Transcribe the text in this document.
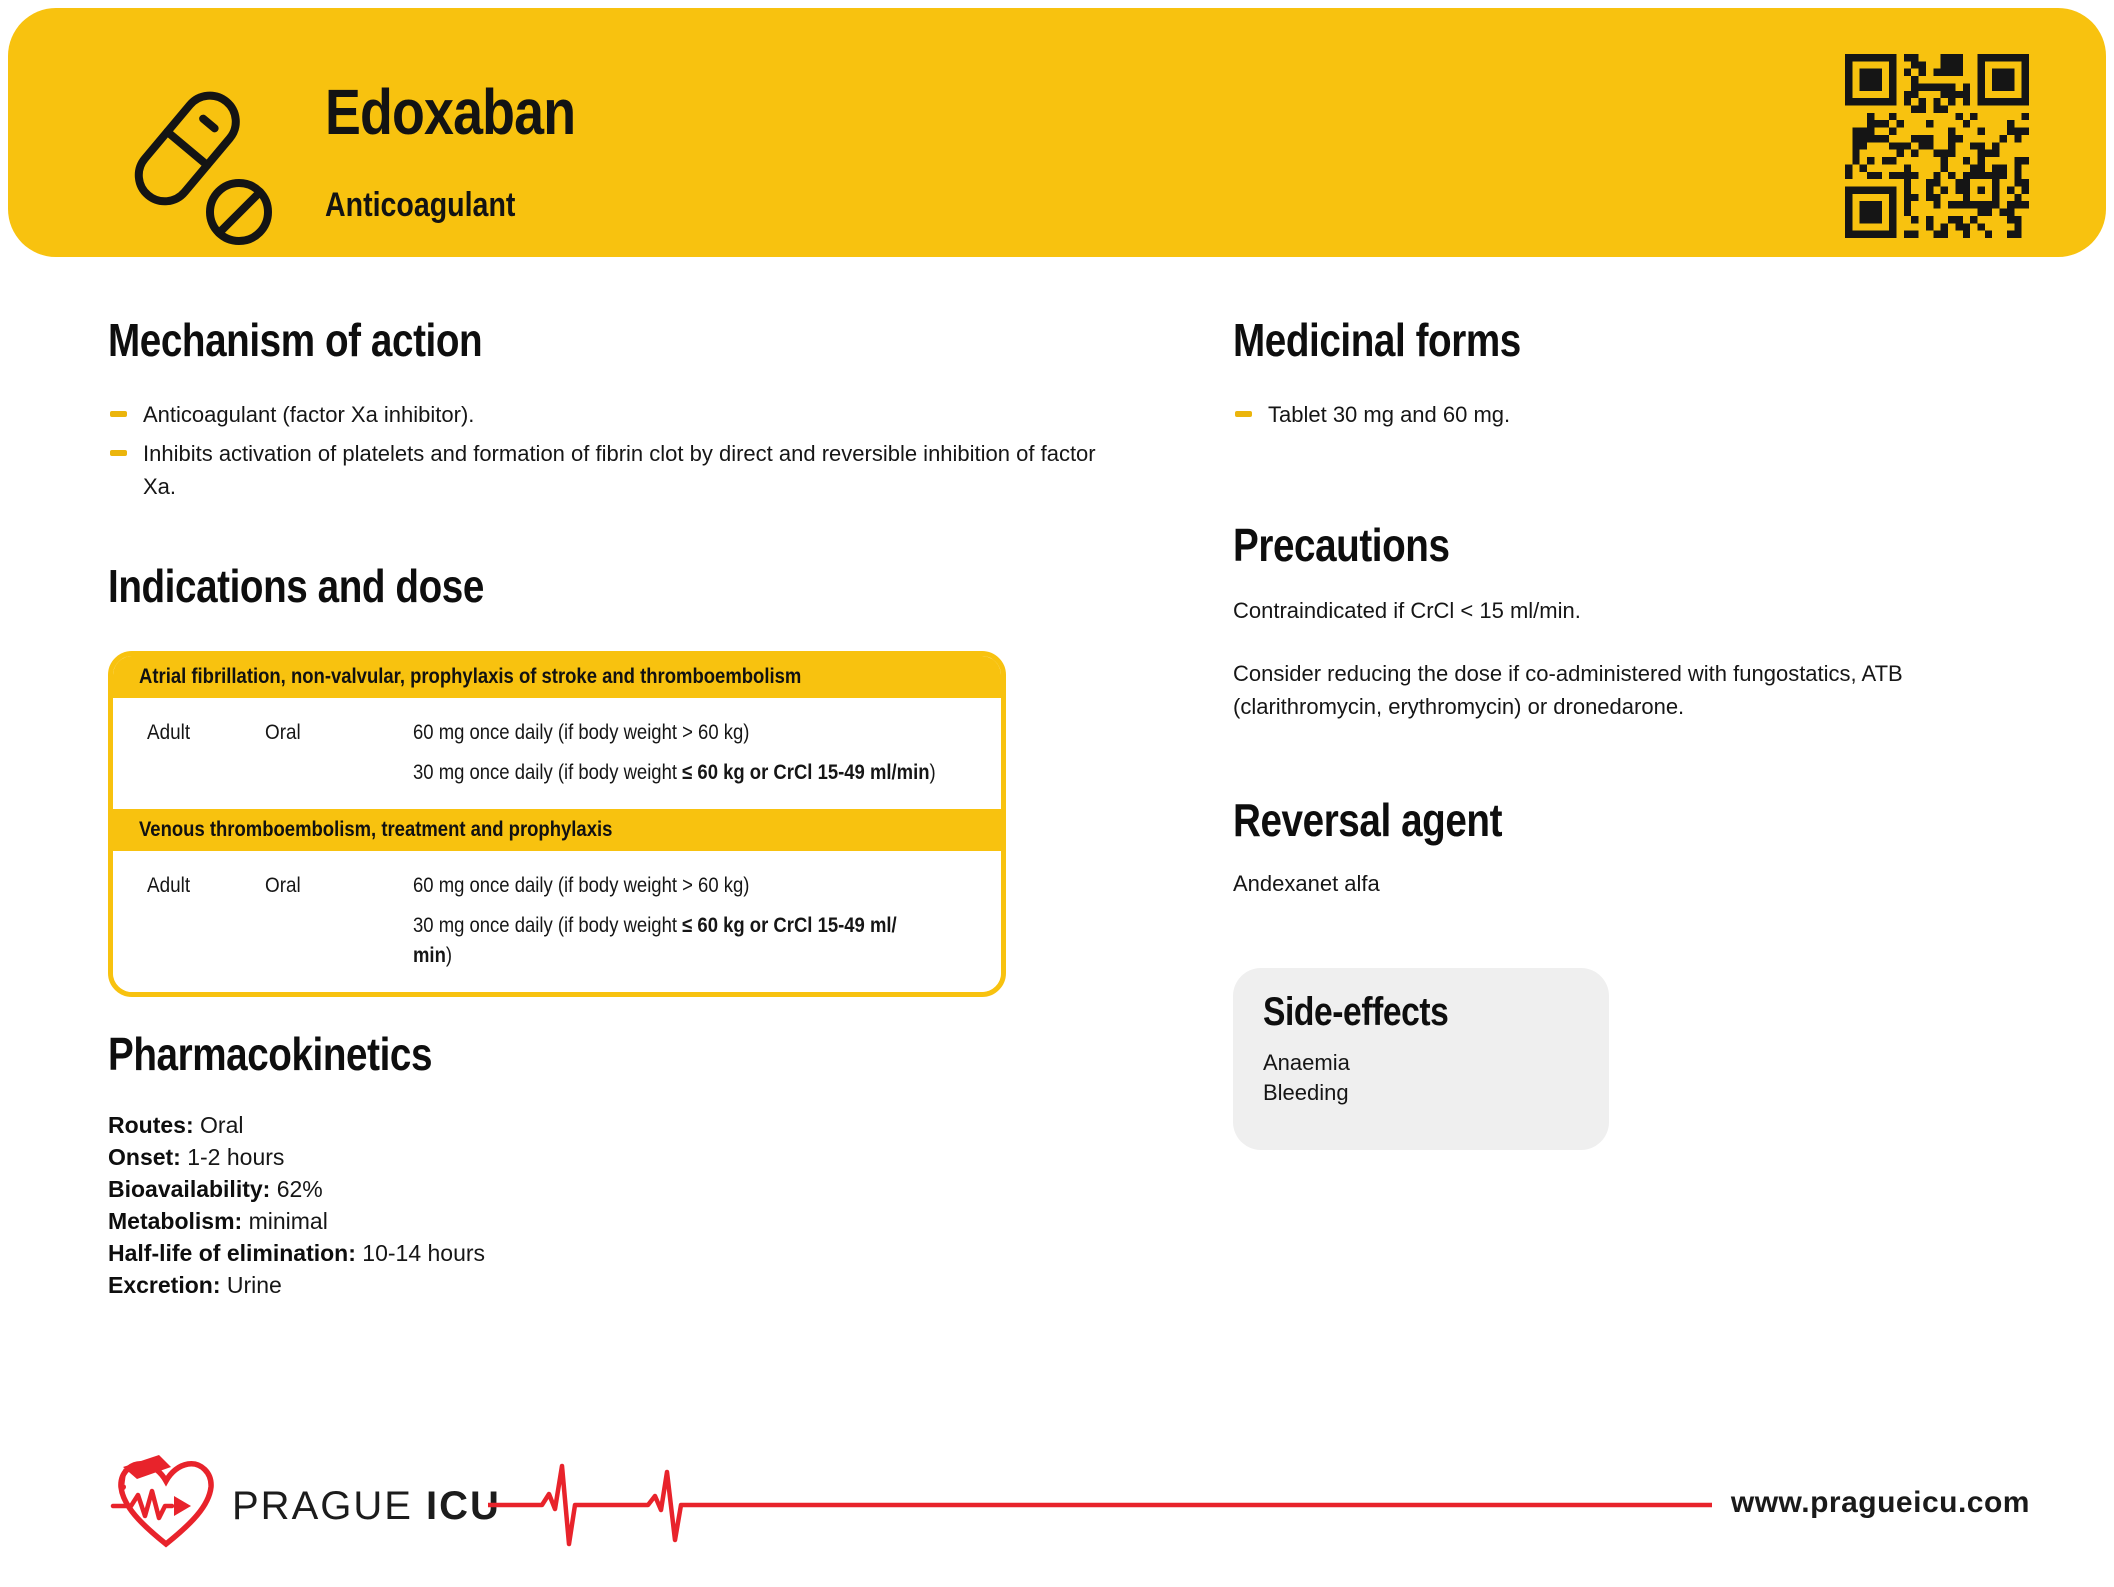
Edoxaban
Anticoagulant
Mechanism of action
Anticoagulant (factor Xa inhibitor).
Inhibits activation of platelets and formation of fibrin clot by direct and reversible inhibition of factor Xa.
Indications and dose
Atrial fibrillation, non-valvular, prophylaxis of stroke and thromboembolism
Adult	Oral	60 mg once daily (if body weight > 60 kg)

30 mg once daily (if body weight ≤ 60 kg or CrCl 15-49 ml/min)

Venous thromboembolism, treatment and prophylaxis
Adult	Oral	60 mg once daily (if body weight > 60 kg)

30 mg once daily (if body weight ≤ 60 kg or CrCl 15-49 ml/
min)

Pharmacokinetics
Routes: Oral
Onset: 1-2 hours
Bioavailability: 62%
Metabolism: minimal
Half-life of elimination: 10-14 hours
Excretion: Urine
Medicinal forms
Tablet 30 mg and 60 mg.
Precautions

Contraindicated if CrCl < 15 ml/min.

Consider reducing the dose if co-administered with fungostatics, ATB (clarithromycin, erythromycin) or dronedarone.

Reversal agent

Andexanet alfa

Side-effects
Anaemia
Bleeding
PRAGUE ICU	www.pragueicu.com
